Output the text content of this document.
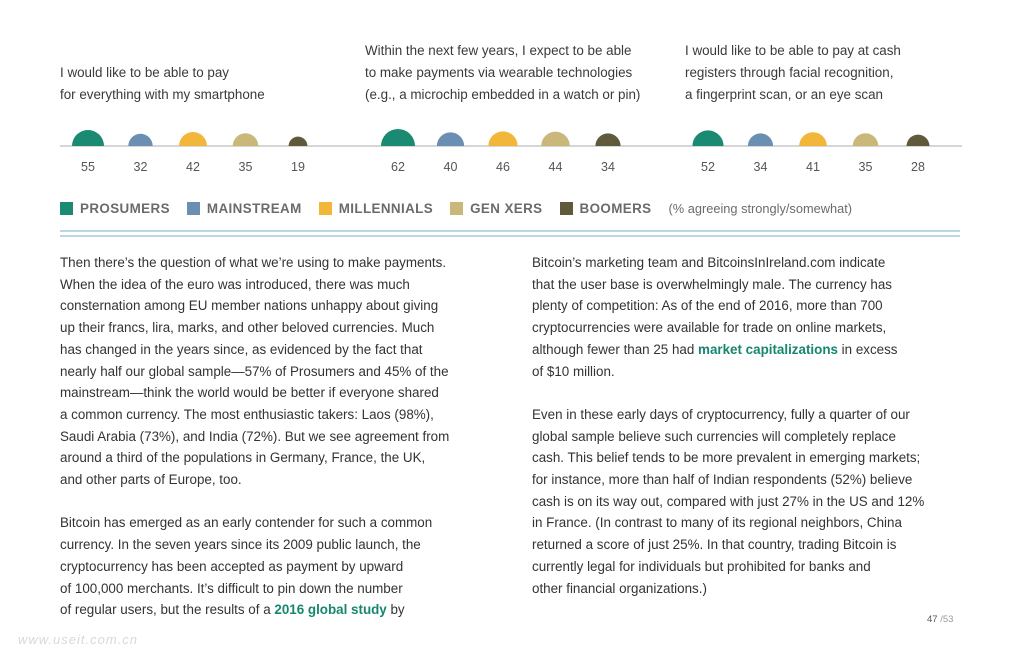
I would like to be able to pay
for everything with my smartphone
Within the next few years, I expect to be able
to make payments via wearable technologies
(e.g., a microchip embedded in a watch or pin)
I would like to be able to pay at cash
registers through facial recognition,
a fingerprint scan, or an eye scan
55	32	42	35	19	62	40	46	44	34	52	34	41	35	28
PROSUMERS	MAINSTREAM	MILLENNIALS	GEN XERS	BOOMERS (% agreeing strongly/somewhat)

Then there’s the question of what we’re using to make payments.
When the idea of the euro was introduced, there was much
consternation among EU member nations unhappy about giving
up their francs, lira, marks, and other beloved currencies. Much
has changed in the years since, as evidenced by the fact that
nearly half our global sample—57% of Prosumers and 45% of the
mainstream—think the world would be better if everyone shared
a common currency. The most enthusiastic takers: Laos (98%),
Saudi Arabia (73%), and India (72%). But we see agreement from
around a third of the populations in Germany, France, the UK,
and other parts of Europe, too.

Bitcoin has emerged as an early contender for such a common
currency. In the seven years since its 2009 public launch, the
cryptocurrency has been accepted as payment by upward
of 100,000 merchants. It’s difficult to pin down the number
of regular users, but the results of a 2016 global study by

Bitcoin’s marketing team and BitcoinsInIreland.com indicate
that the user base is overwhelmingly male. The currency has
plenty of competition: As of the end of 2016, more than 700
cryptocurrencies were available for trade on online markets,
although fewer than 25 had market capitalizations in excess
of $10 million.

Even in these early days of cryptocurrency, fully a quarter of our
global sample believe such currencies will completely replace
cash. This belief tends to be more prevalent in emerging markets;
for instance, more than half of Indian respondents (52%) believe
cash is on its way out, compared with just 27% in the US and 12%
in France. (In contrast to many of its regional neighbors, China
returned a score of just 25%. In that country, trading Bitcoin is
currently legal for individuals but prohibited for banks and
other financial organizations.)

47 /53
www.useit.com.cn
